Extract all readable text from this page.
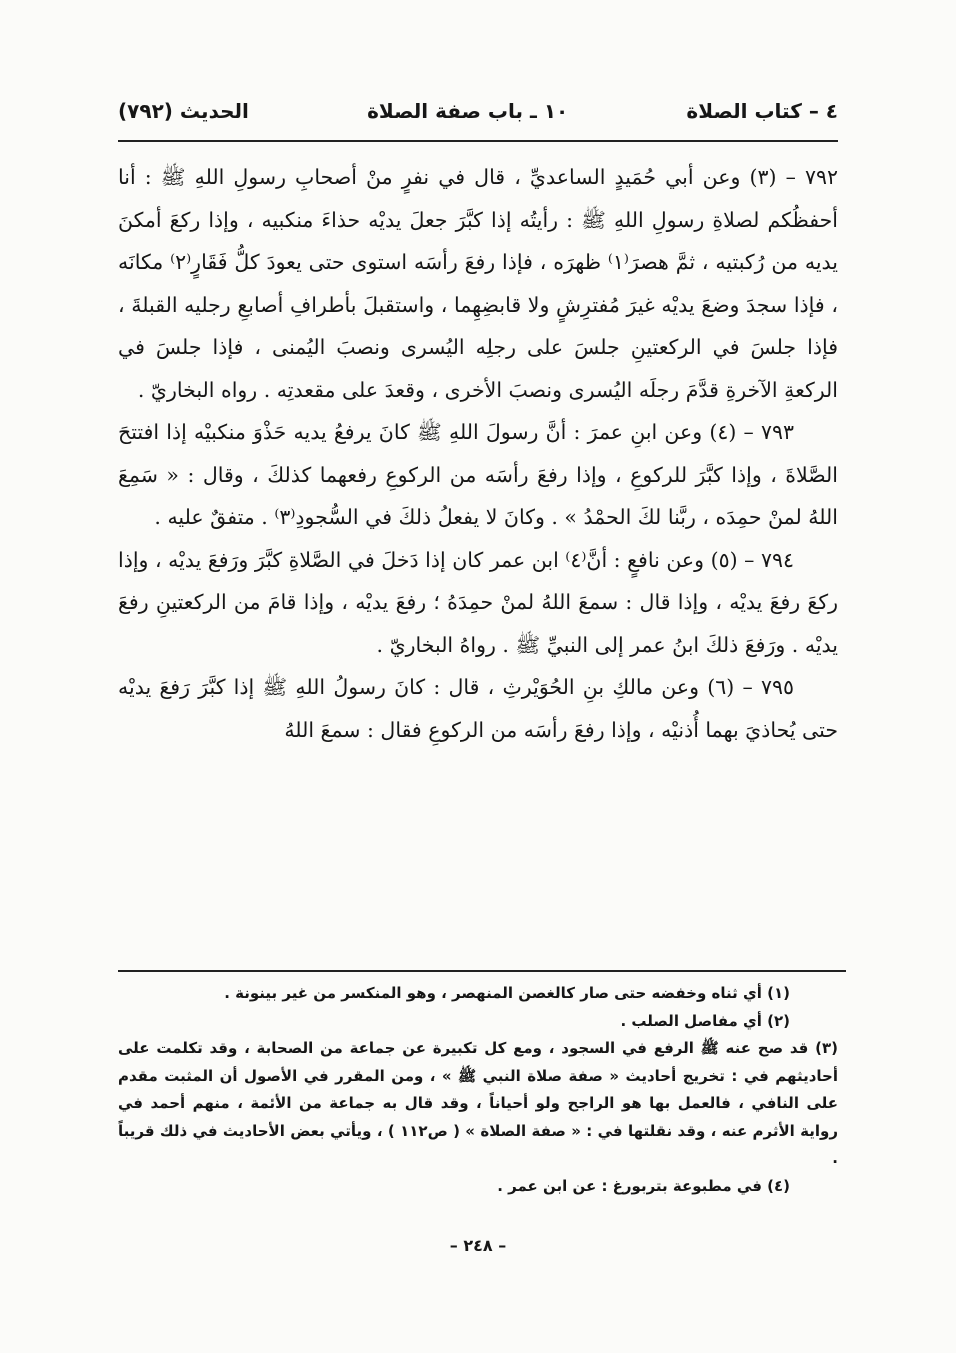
٤ – كتاب الصلاة
١٠ ـ باب صفة الصلاة
الحديث (٧٩٢)

٧٩٢ – (٣) وعن أبي حُمَيدٍ الساعديِّ ، قال في نفرٍ منْ أصحابِ رسولِ اللهِ ﷺ : أنا أحفظُكم لصلاةِ رسولِ اللهِ ﷺ : رأيتُه إذا كبَّرَ جعلَ يديْه حذاءَ منكبيه ، وإذا ركعَ أمكنَ يديه من رُكبتيه ، ثمَّ هصرَ⁽١⁾ ظهرَه ، فإذا رفعَ رأسَه استوى حتى يعودَ كلُّ فَقَارٍ⁽٢⁾ مكانَه ، فإذا سجدَ وضعَ يديْه غيرَ مُفترِشٍ ولا قابضِهِما ، واستقبلَ بأطرافِ أصابعِ رجليه القبلةَ ، فإذا جلسَ في الركعتينِ جلسَ على رجلِه اليُسرى ونصبَ اليُمنى ، فإذا جلسَ في الركعةِ الآخرةِ قدَّمَ رجلَه اليُسرى ونصبَ الأخرى ، وقعدَ على مقعدتِه . رواه البخاريّ .

٧٩٣ – (٤) وعن ابنِ عمرَ : أنَّ رسولَ اللهِ ﷺ كانَ يرفعُ يديه حَذْوَ منكبيْه إذا افتتحَ الصَّلاةَ ، وإذا كبَّرَ للركوعِ ، وإذا رفعَ رأسَه من الركوعِ رفعهما كذلكَ ، وقال : « سَمِعَ اللهُ لمنْ حمِدَه ، ربَّنا لكَ الحمْدُ » . وكانَ لا يفعلُ ذلكَ في السُّجودِ⁽٣⁾ . متفقٌ عليه .

٧٩٤ – (٥) وعن نافعٍ : أنَّ⁽٤⁾ ابن عمر كان إذا دَخلَ في الصَّلاةِ كبَّرَ ورَفعَ يديْه ، وإذا ركعَ رفعَ يديْه ، وإذا قال : سمعَ اللهُ لمنْ حمِدَهُ ؛ رفعَ يديْه ، وإذا قامَ من الركعتينِ رفعَ يديْه . ورَفعَ ذلكَ ابنُ عمر إلى النبيِّ ﷺ . رواهُ البخاريّ .

٧٩٥ – (٦) وعن مالكِ بنِ الحُوَيْرثِ ، قال : كانَ رسولُ اللهِ ﷺ إذا كبَّرَ رَفعَ يديْه حتى يُحاذيَ بهما أُذنيْه ، وإذا رفعَ رأسَه من الركوعِ فقال : سمعَ اللهُ

(١) أي ثناه وخفضه حتى صار كالغصن المنهصر ، وهو المنكسر من غير بينونة .

(٢) أي مفاصل الصلب .

(٣) قد صح عنه ﷺ الرفع في السجود ، ومع كل تكبيرة عن جماعة من الصحابة ، وقد تكلمت على أحاديثهم في : تخريج أحاديث « صفة صلاة النبي ﷺ » ، ومن المقرر في الأصول أن المثبت مقدم على النافي ، فالعمل بها هو الراجح ولو أحياناً ، وقد قال به جماعة من الأئمة ، منهم أحمد في رواية الأثرم عنه ، وقد نقلتها في : « صفة الصلاة » ( ص١١٢ ) ، ويأتي بعض الأحاديث في ذلك قريباً .

(٤) في مطبوعة بتربورغ : عن ابن عمر .

– ٢٤٨ –
